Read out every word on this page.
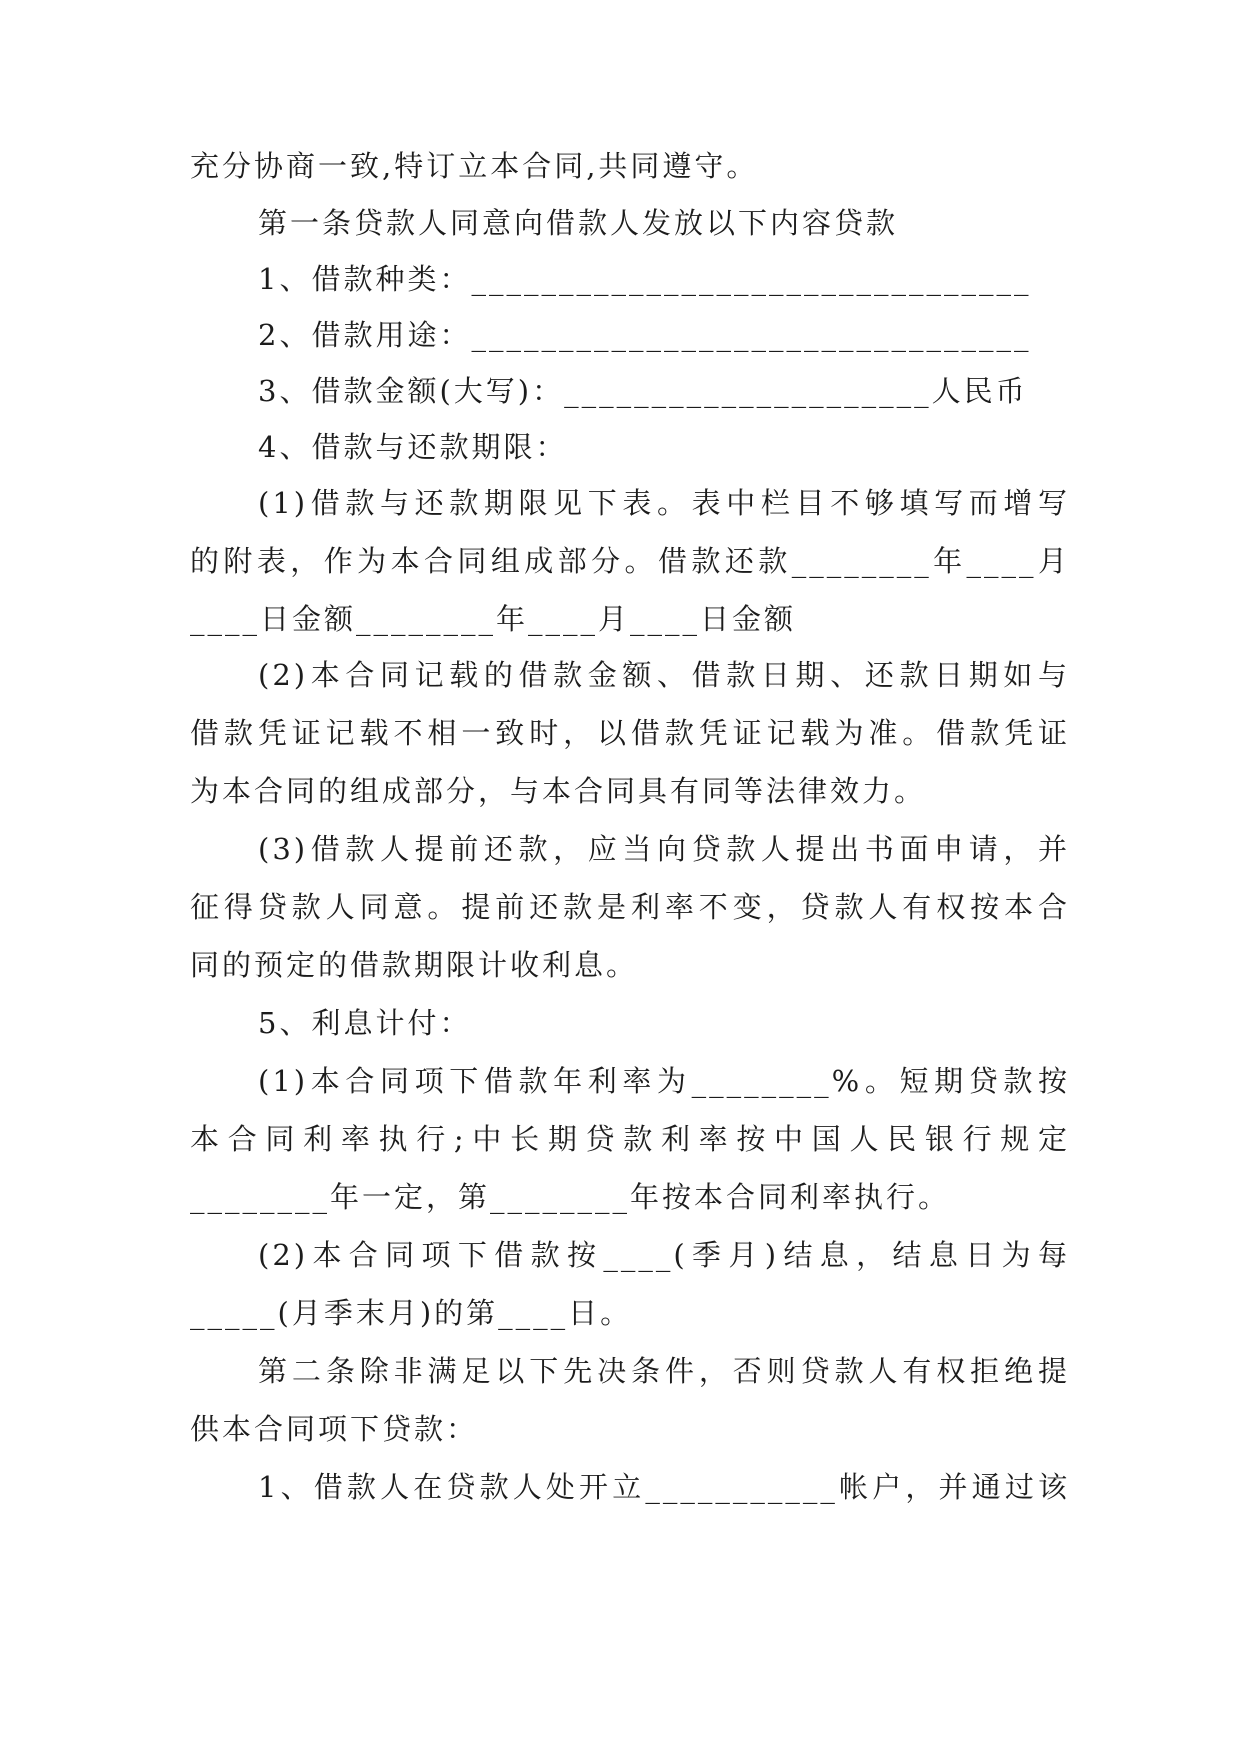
充分协商一致,特订立本合同,共同遵守。
第一条贷款人同意向借款人发放以下内容贷款
1、借款种类：________________________________
2、借款用途：________________________________
3、借款金额(大写)：_____________________人民币
4、借款与还款期限：
(1)借款与还款期限见下表。表中栏目不够填写而增写
的附表，作为本合同组成部分。借款还款________年____月
____日金额________年____月____日金额
(2)本合同记载的借款金额、借款日期、还款日期如与
借款凭证记载不相一致时，以借款凭证记载为准。借款凭证
为本合同的组成部分，与本合同具有同等法律效力。
(3)借款人提前还款，应当向贷款人提出书面申请，并
征得贷款人同意。提前还款是利率不变，贷款人有权按本合
同的预定的借款期限计收利息。
5、利息计付：
(1)本合同项下借款年利率为________%。短期贷款按
本合同利率执行;中长期贷款利率按中国人民银行规定
________年一定，第________年按本合同利率执行。
(2)本合同项下借款按____(季月)结息，结息日为每
_____(月季末月)的第____日。
第二条除非满足以下先决条件，否则贷款人有权拒绝提
供本合同项下贷款：
1、借款人在贷款人处开立___________帐户，并通过该
